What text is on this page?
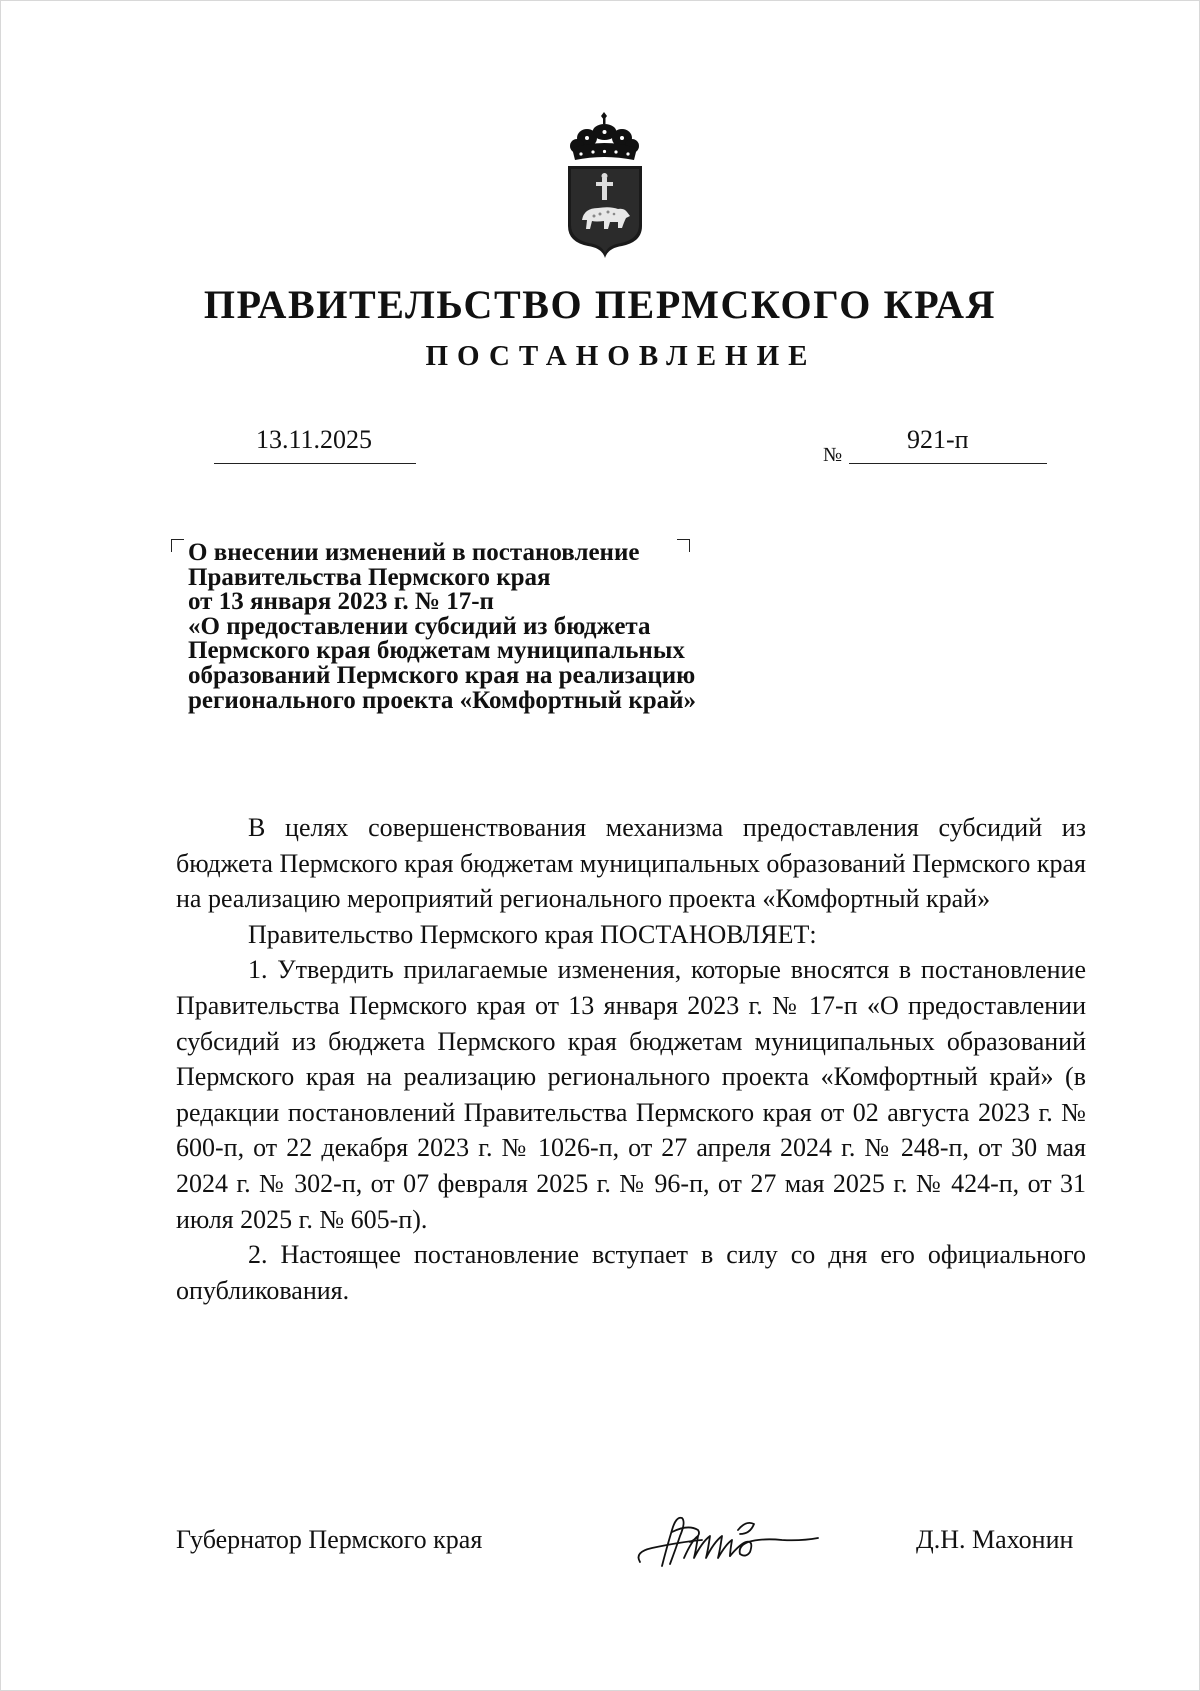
ПРАВИТЕЛЬСТВО ПЕРМСКОГО КРАЯ
ПОСТАНОВЛЕНИЕ
13.11.2025
№
921-п
О внесении изменений в постановление
Правительства Пермского края
от 13 января 2023 г. № 17-п
«О предоставлении субсидий из бюджета
Пермского края бюджетам муниципальных
образований Пермского края на реализацию
регионального проекта «Комфортный край»

В целях совершенствования механизма предоставления субсидий из бюджета Пермского края бюджетам муниципальных образований Пермского края на реализацию мероприятий регионального проекта «Комфортный край»

Правительство Пермского края ПОСТАНОВЛЯЕТ:

1. Утвердить прилагаемые изменения, которые вносятся в постановление Правительства Пермского края от 13 января 2023 г. № 17-п «О предоставлении субсидий из бюджета Пермского края бюджетам муниципальных образований Пермского края на реализацию регионального проекта «Комфортный край» (в редакции постановлений Правительства Пермского края от 02 августа 2023 г. № 600-п, от 22 декабря 2023 г. № 1026-п, от 27 апреля 2024 г. № 248-п, от 30 мая 2024 г. № 302-п, от 07 февраля 2025 г. № 96-п, от 27 мая 2025 г. № 424-п, от 31 июля 2025 г. № 605-п).

2. Настоящее постановление вступает в силу со дня его официального опубликования.

Губернатор Пермского края	Д.Н. Махонин
